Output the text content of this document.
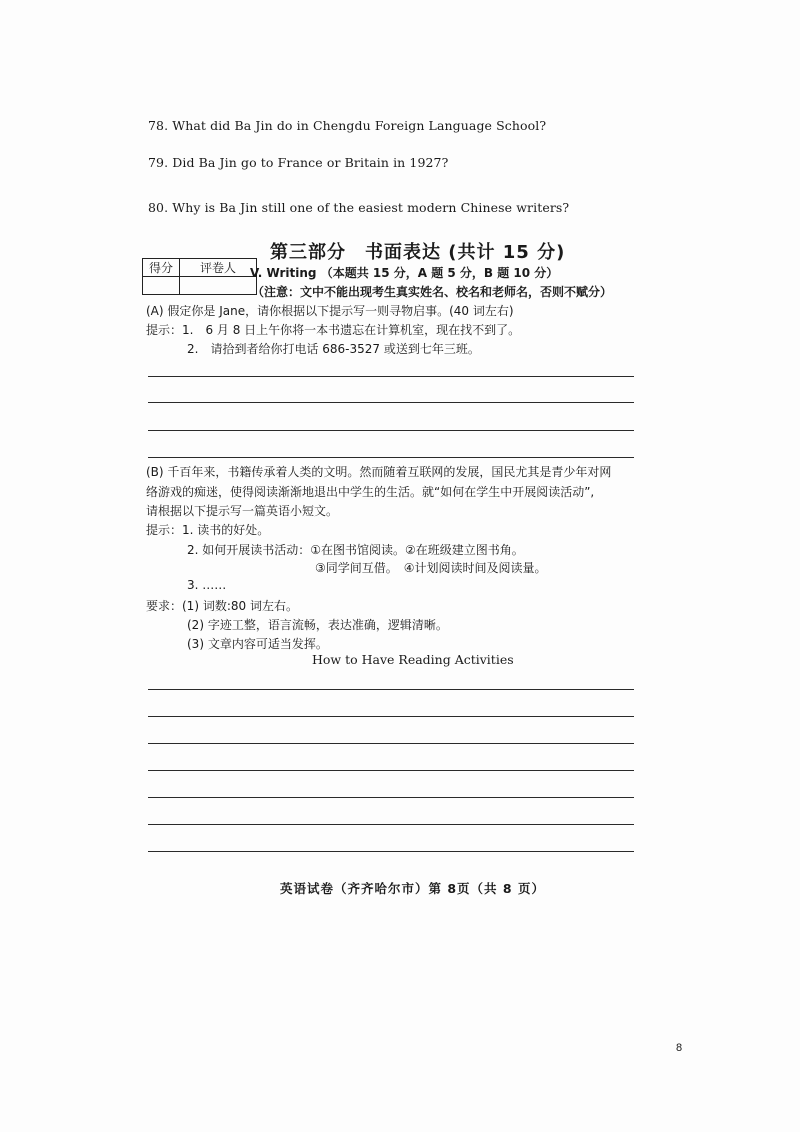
78. What did Ba Jin do in Chengdu Foreign Language School?
79. Did Ba Jin go to France or Britain in 1927?
80. Why is Ba Jin still one of the easiest modern Chinese writers?
第三部分　书面表达 (共计 15 分)
得分	评卷人
	V. Writing （本题共 15 分，A 题 5 分，B 题 10 分）
（注意：文中不能出现考生真实姓名、校名和老师名，否则不赋分）
(A) 假定你是 Jane，请你根据以下提示写一则寻物启事。(40 词左右)
提示：1.　6 月 8 日上午你将一本书遗忘在计算机室，现在找不到了。
2.　请拾到者给你打电话 686-3527 或送到七年三班。
(B) 千百年来，书籍传承着人类的文明。然而随着互联网的发展，国民尤其是青少年对网
络游戏的痴迷，使得阅读渐渐地退出中学生的生活。就“如何在学生中开展阅读活动”,
请根据以下提示写一篇英语小短文。
提示：1. 读书的好处。
2. 如何开展读书活动：①在图书馆阅读。②在班级建立图书角。
③同学间互借。　④计划阅读时间及阅读量。
3. ……
要求：(1) 词数:80 词左右。
(2) 字迹工整，语言流畅，表达准确，逻辑清晰。
(3) 文章内容可适当发挥。
How to Have Reading Activities
英语试卷（齐齐哈尔市）第 8页（共 8 页）
8
